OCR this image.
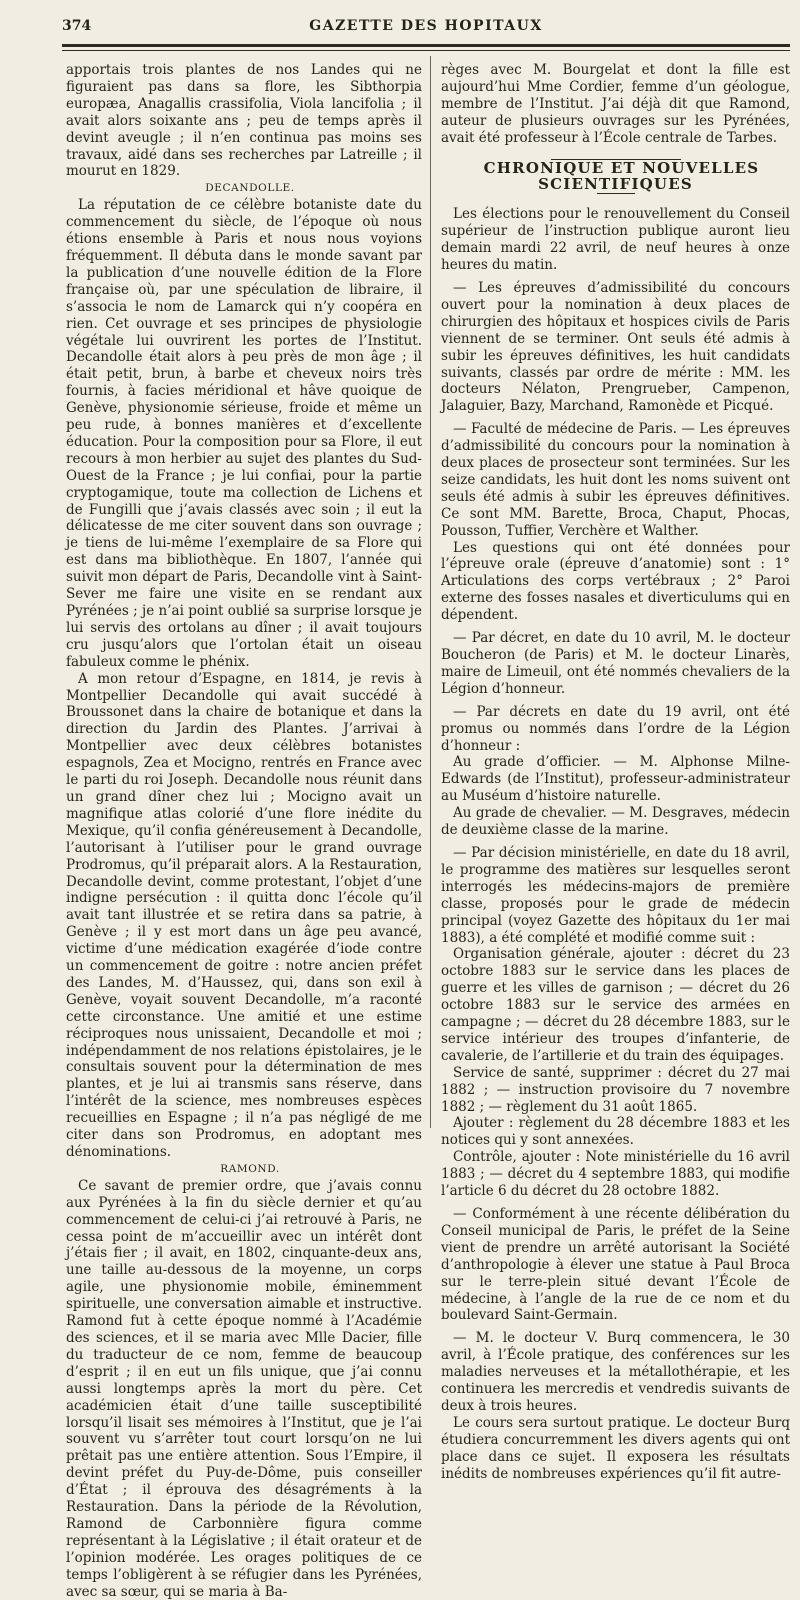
374	GAZETTE DES HOPITAUX

apportais trois plantes de nos Landes qui ne figuraient pas dans sa flore, les Sibthorpia europæa, Anagallis crassifolia, Viola lancifolia ; il avait alors soixante ans ; peu de temps après il devint aveugle ; il n’en continua pas moins ses travaux, aidé dans ses recherches par Latreille ; il mourut en 1829.

DECANDOLLE.

La réputation de ce célèbre botaniste date du commencement du siècle, de l’époque où nous étions ensemble à Paris et nous nous voyions fréquemment. Il débuta dans le monde savant par la publication d’une nouvelle édition de la Flore française où, par une spéculation de libraire, il s’associa le nom de Lamarck qui n’y coopéra en rien. Cet ouvrage et ses principes de physiologie végétale lui ouvrirent les portes de l’Institut. Decandolle était alors à peu près de mon âge ; il était petit, brun, à barbe et cheveux noirs très fournis, à facies méridional et hâve quoique de Genève, physionomie sérieuse, froide et même un peu rude, à bonnes manières et d’excellente éducation. Pour la composition pour sa Flore, il eut recours à mon herbier au sujet des plantes du Sud-Ouest de la France ; je lui confiai, pour la partie cryptogamique, toute ma collection de Lichens et de Fungilli que j’avais classés avec soin ; il eut la délicatesse de me citer souvent dans son ouvrage ; je tiens de lui-même l’exemplaire de sa Flore qui est dans ma bibliothèque. En 1807, l’année qui suivit mon départ de Paris, Decandolle vint à Saint-Sever me faire une visite en se rendant aux Pyrénées ; je n’ai point oublié sa surprise lorsque je lui servis des ortolans au dîner ; il avait toujours cru jusqu’alors que l’ortolan était un oiseau fabuleux comme le phénix.

A mon retour d’Espagne, en 1814, je revis à Montpellier Decandolle qui avait succédé à Broussonet dans la chaire de botanique et dans la direction du Jardin des Plantes. J’arrivai à Montpellier avec deux célèbres botanistes espagnols, Zea et Mocigno, rentrés en France avec le parti du roi Joseph. Decandolle nous réunit dans un grand dîner chez lui ; Mocigno avait un magnifique atlas colorié d’une flore inédite du Mexique, qu’il confia généreusement à Decandolle, l’autorisant à l’utiliser pour le grand ouvrage Prodromus, qu’il préparait alors. A la Restauration, Decandolle devint, comme protestant, l’objet d’une indigne persécution : il quitta donc l’école qu’il avait tant illustrée et se retira dans sa patrie, à Genève ; il y est mort dans un âge peu avancé, victime d’une médication exagérée d’iode contre un commencement de goitre : notre ancien préfet des Landes, M. d’Haussez, qui, dans son exil à Genève, voyait souvent Decandolle, m’a raconté cette circonstance. Une amitié et une estime réciproques nous unissaient, Decandolle et moi ; indépendamment de nos relations épistolaires, je le consultais souvent pour la détermination de mes plantes, et je lui ai transmis sans réserve, dans l’intérêt de la science, mes nombreuses espèces recueillies en Espagne ; il n’a pas négligé de me citer dans son Prodromus, en adoptant mes dénominations.

RAMOND.

Ce savant de premier ordre, que j’avais connu aux Pyrénées à la fin du siècle dernier et qu’au commencement de celui-ci j’ai retrouvé à Paris, ne cessa point de m’accueillir avec un intérêt dont j’étais fier ; il avait, en 1802, cinquante-deux ans, une taille au-dessous de la moyenne, un corps agile, une physionomie mobile, éminemment spirituelle, une conversation aimable et instructive. Ramond fut à cette époque nommé à l’Académie des sciences, et il se maria avec Mlle Dacier, fille du traducteur de ce nom, femme de beaucoup d’esprit ; il en eut un fils unique, que j’ai connu aussi longtemps après la mort du père. Cet académicien était d’une taille susceptibilité lorsqu’il lisait ses mémoires à l’Institut, que je l’ai souvent vu s’arrêter tout court lorsqu’on ne lui prêtait pas une entière attention. Sous l’Empire, il devint préfet du Puy-de-Dôme, puis conseiller d’État ; il éprouva des désagréments à la Restauration. Dans la période de la Révolution, Ramond de Carbonnière figura comme représentant à la Législative ; il était orateur et de l’opinion modérée. Les orages politiques de ce temps l’obligèrent à se réfugier dans les Pyrénées, avec sa sœur, qui se maria à Ba-

règes avec M. Bourgelat et dont la fille est aujourd’hui Mme Cordier, femme d’un géologue, membre de l’Institut. J’ai déjà dit que Ramond, auteur de plusieurs ouvrages sur les Pyrénées, avait été professeur à l’École centrale de Tarbes.

CHRONIQUE ET NOUVELLES SCIENTIFIQUES

Les élections pour le renouvellement du Conseil supérieur de l’instruction publique auront lieu demain mardi 22 avril, de neuf heures à onze heures du matin.

— Les épreuves d’admissibilité du concours ouvert pour la nomination à deux places de chirurgien des hôpitaux et hospices civils de Paris viennent de se terminer. Ont seuls été admis à subir les épreuves définitives, les huit candidats suivants, classés par ordre de mérite : MM. les docteurs Nélaton, Prengrueber, Campenon, Jalaguier, Bazy, Marchand, Ramonède et Picqué.

— Faculté de médecine de Paris. — Les épreuves d’admissibilité du concours pour la nomination à deux places de prosecteur sont terminées. Sur les seize candidats, les huit dont les noms suivent ont seuls été admis à subir les épreuves définitives. Ce sont MM. Barette, Broca, Chaput, Phocas, Pousson, Tuffier, Verchère et Walther.

Les questions qui ont été données pour l’épreuve orale (épreuve d’anatomie) sont : 1° Articulations des corps vertébraux ; 2° Paroi externe des fosses nasales et diverticulums qui en dépendent.

— Par décret, en date du 10 avril, M. le docteur Boucheron (de Paris) et M. le docteur Linarès, maire de Limeuil, ont été nommés chevaliers de la Légion d’honneur.

— Par décrets en date du 19 avril, ont été promus ou nommés dans l’ordre de la Légion d’honneur :

Au grade d’officier. — M. Alphonse Milne-Edwards (de l’Institut), professeur-administrateur au Muséum d’histoire naturelle.

Au grade de chevalier. — M. Desgraves, médecin de deuxième classe de la marine.

— Par décision ministérielle, en date du 18 avril, le programme des matières sur lesquelles seront interrogés les médecins-majors de première classe, proposés pour le grade de médecin principal (voyez Gazette des hôpitaux du 1er mai 1883), a été complété et modifié comme suit :

Organisation générale, ajouter : décret du 23 octobre 1883 sur le service dans les places de guerre et les villes de garnison ; — décret du 26 octobre 1883 sur le service des armées en campagne ; — décret du 28 décembre 1883, sur le service intérieur des troupes d’infanterie, de cavalerie, de l’artillerie et du train des équipages.

Service de santé, supprimer : décret du 27 mai 1882 ; — instruction provisoire du 7 novembre 1882 ; — règlement du 31 août 1865.

Ajouter : règlement du 28 décembre 1883 et les notices qui y sont annexées.

Contrôle, ajouter : Note ministérielle du 16 avril 1883 ; — décret du 4 septembre 1883, qui modifie l’article 6 du décret du 28 octobre 1882.

— Conformément à une récente délibération du Conseil municipal de Paris, le préfet de la Seine vient de prendre un arrêté autorisant la Société d’anthropologie à élever une statue à Paul Broca sur le terre-plein situé devant l’École de médecine, à l’angle de la rue de ce nom et du boulevard Saint-Germain.

— M. le docteur V. Burq commencera, le 30 avril, à l’École pratique, des conférences sur les maladies nerveuses et la métallothérapie, et les continuera les mercredis et vendredis suivants de deux à trois heures.

Le cours sera surtout pratique. Le docteur Burq étudiera concurremment les divers agents qui ont place dans ce sujet. Il exposera les résultats inédits de nombreuses expériences qu’il fit autre-
